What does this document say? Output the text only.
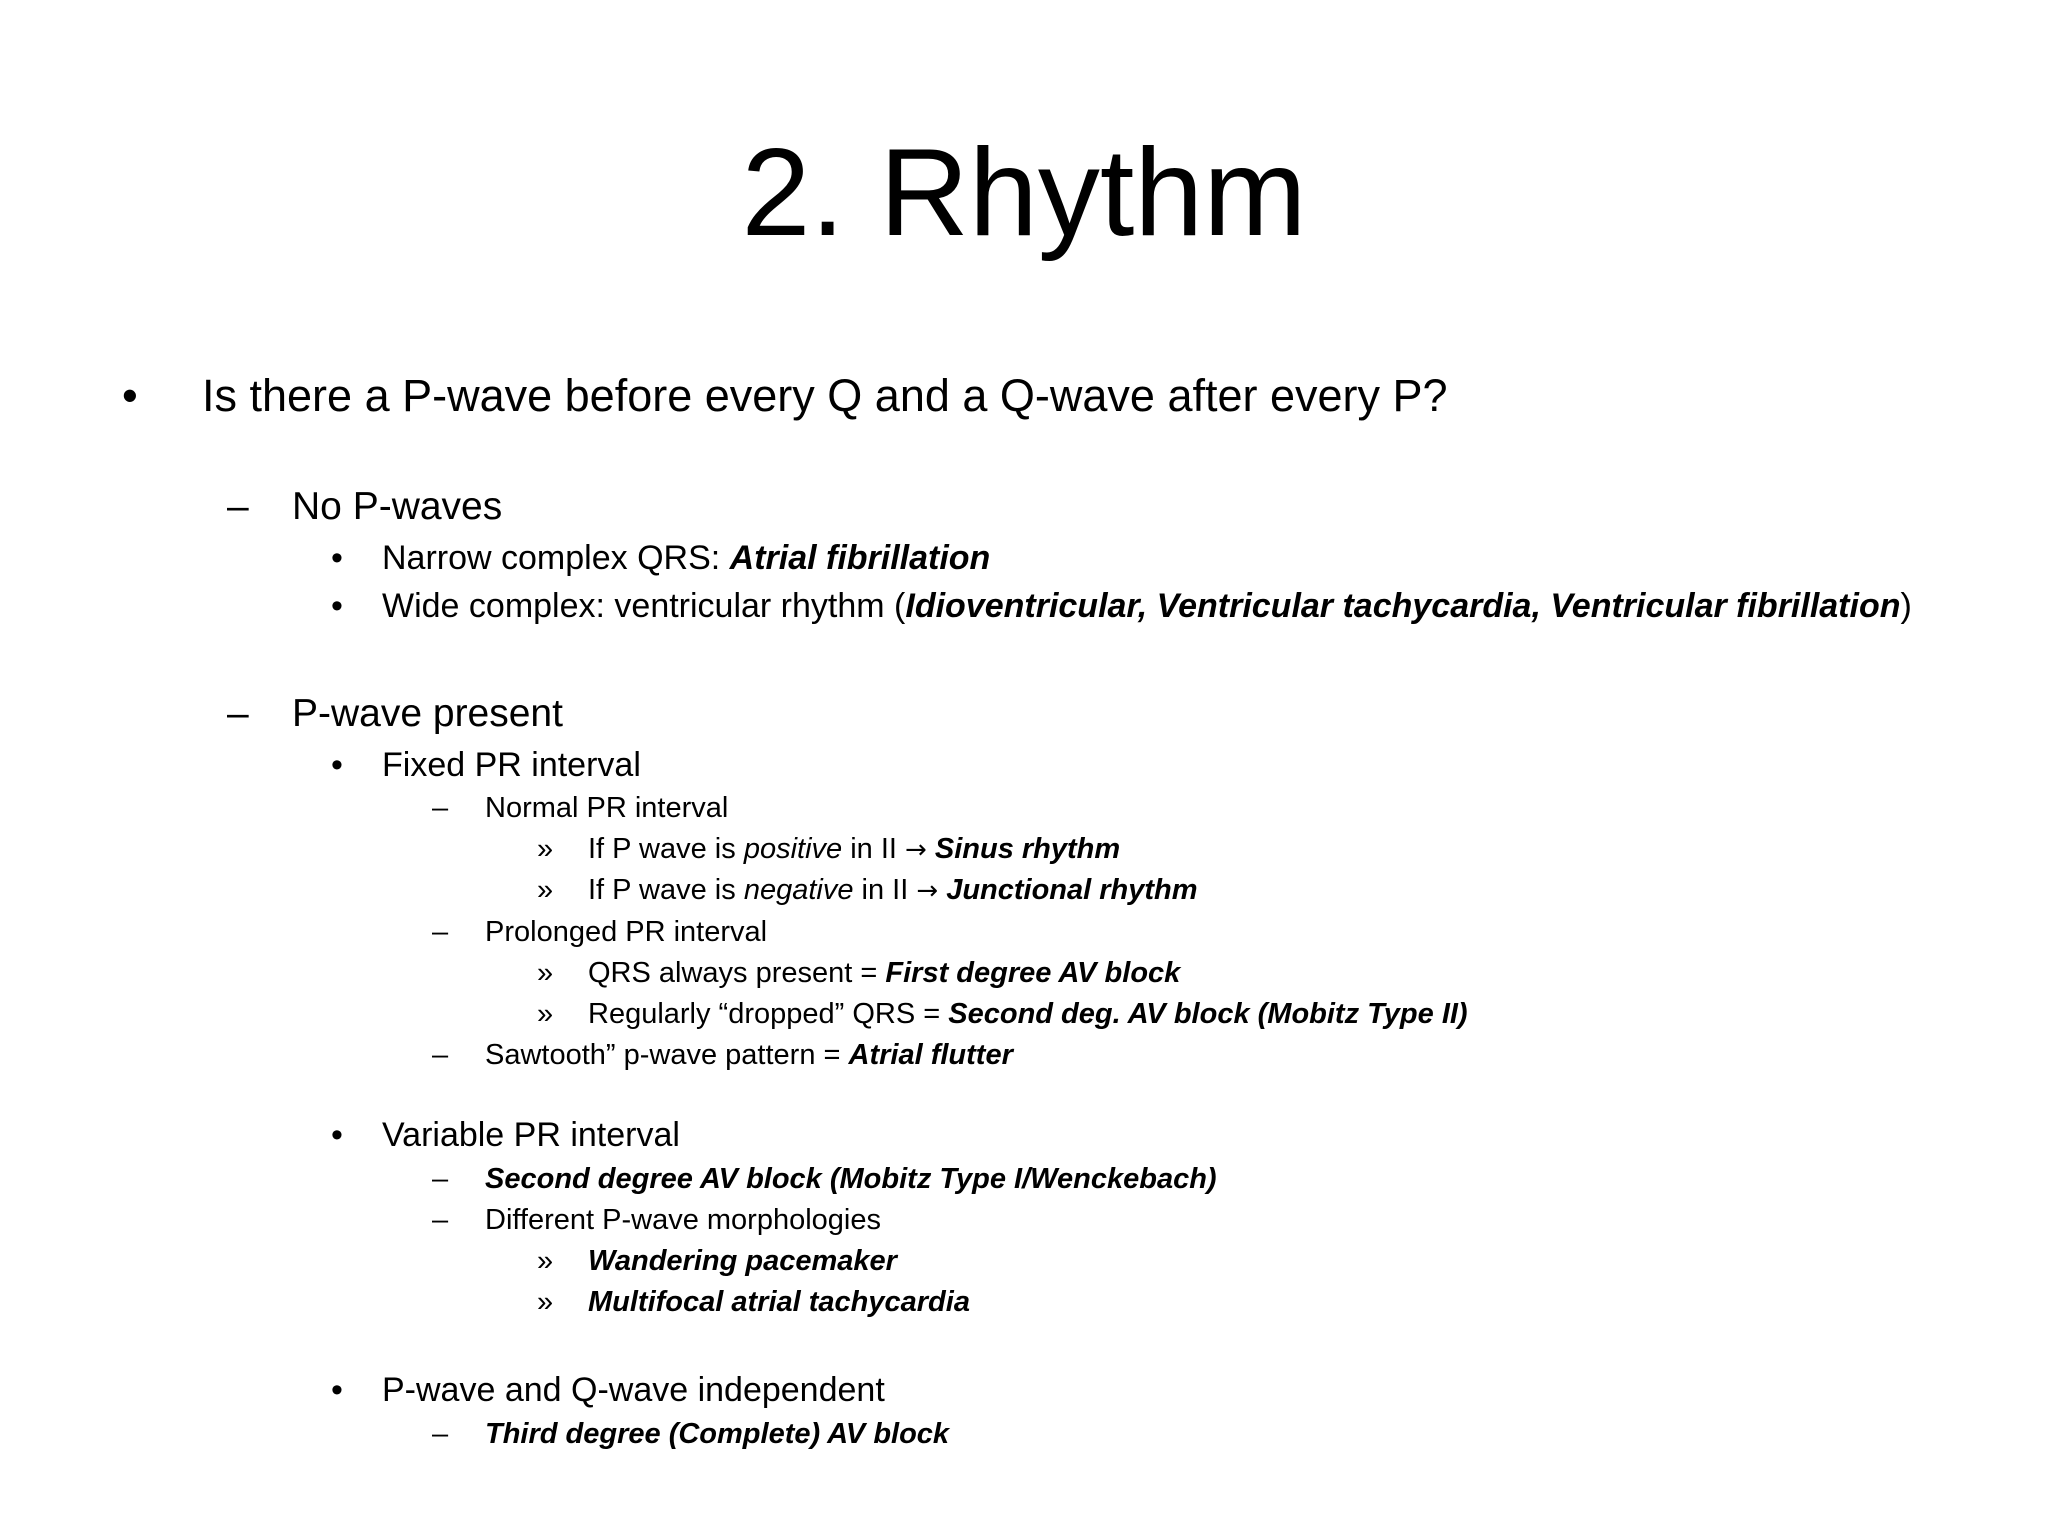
2. Rhythm
• Is there a P-wave before every Q and a Q-wave after every P?
– No P-waves
• Narrow complex QRS: Atrial fibrillation
• Wide complex: ventricular rhythm (Idioventricular, Ventricular tachycardia, Ventricular fibrillation)
– P-wave present
• Fixed PR interval
– Normal PR interval
» If P wave is positive in II → Sinus rhythm
» If P wave is negative in II → Junctional rhythm
– Prolonged PR interval
» QRS always present = First degree AV block
» Regularly “dropped” QRS = Second deg. AV block (Mobitz Type II)
– Sawtooth” p-wave pattern = Atrial flutter
• Variable PR interval
– Second degree AV block (Mobitz Type I/Wenckebach)
– Different P-wave morphologies
» Wandering pacemaker
» Multifocal atrial tachycardia
• P-wave and Q-wave independent
– Third degree (Complete) AV block
